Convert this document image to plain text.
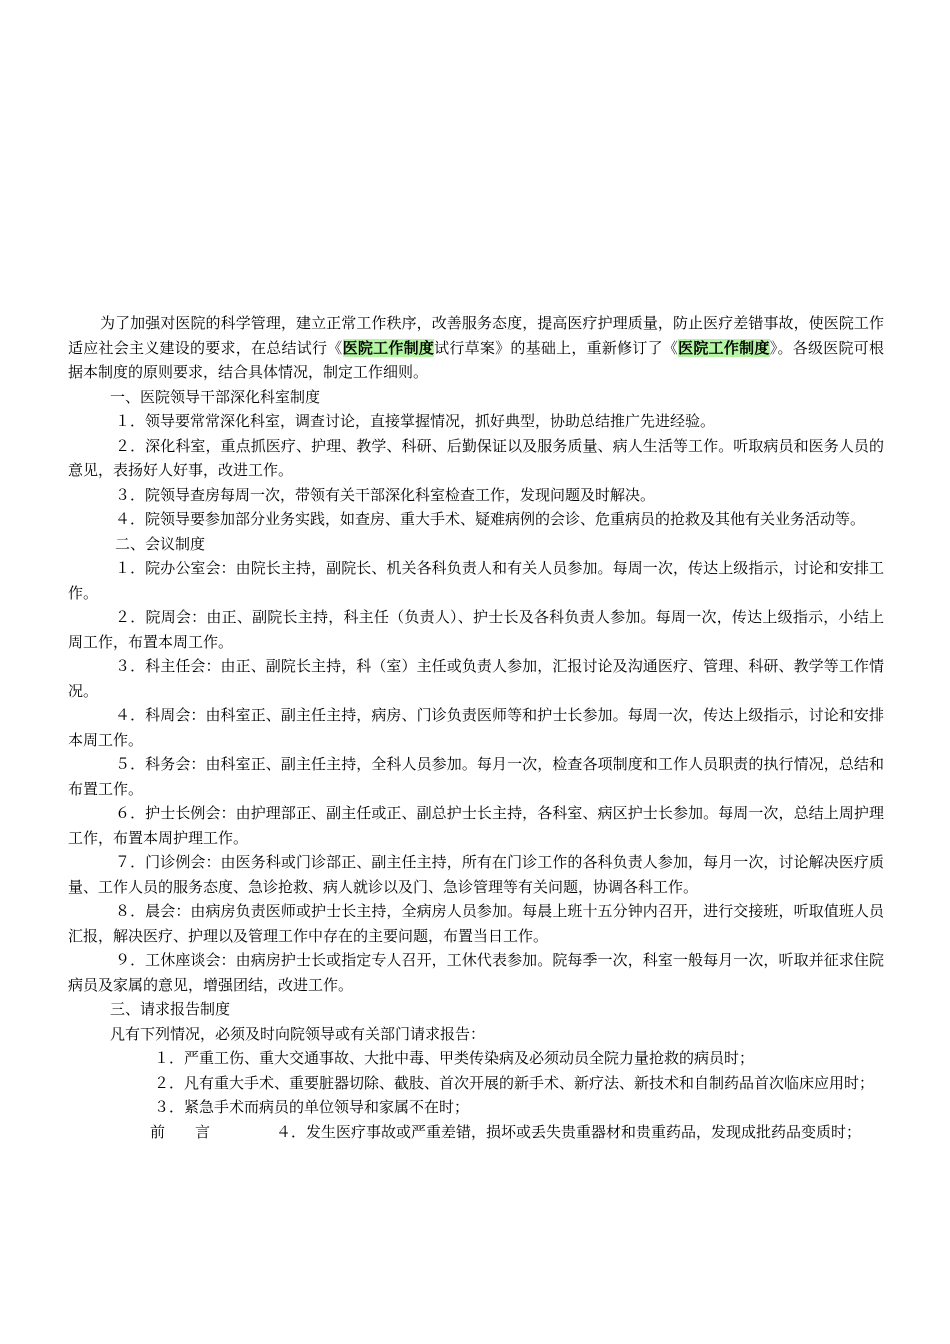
为了加强对医院的科学管理，建立正常工作秩序，改善服务态度，提高医疗护理质量，防止医疗差错事故，使医院工作适应社会主义建设的要求，在总结试行《医院工作制度试行草案》的基础上，重新修订了《医院工作制度》。各级医院可根据本制度的原则要求，结合具体情况，制定工作细则。

一、医院领导干部深化科室制度

１．领导要常常深化科室，调查讨论，直接掌握情况，抓好典型，协助总结推广先进经验。

２．深化科室，重点抓医疗、护理、教学、科研、后勤保证以及服务质量、病人生活等工作。听取病员和医务人员的意见，表扬好人好事，改进工作。

３．院领导查房每周一次，带领有关干部深化科室检查工作，发现问题及时解决。

４．院领导要参加部分业务实践，如查房、重大手术、疑难病例的会诊、危重病员的抢救及其他有关业务活动等。

二、会议制度

１．院办公室会：由院长主持，副院长、机关各科负责人和有关人员参加。每周一次，传达上级指示，讨论和安排工作。

２．院周会：由正、副院长主持，科主任（负责人）、护士长及各科负责人参加。每周一次，传达上级指示，小结上周工作，布置本周工作。

３．科主任会：由正、副院长主持，科（室）主任或负责人参加，汇报讨论及沟通医疗、管理、科研、教学等工作情况。

４．科周会：由科室正、副主任主持，病房、门诊负责医师等和护士长参加。每周一次，传达上级指示，讨论和安排本周工作。

５．科务会：由科室正、副主任主持，全科人员参加。每月一次，检查各项制度和工作人员职责的执行情况，总结和布置工作。

６．护士长例会：由护理部正、副主任或正、副总护士长主持，各科室、病区护士长参加。每周一次，总结上周护理工作，布置本周护理工作。

７．门诊例会：由医务科或门诊部正、副主任主持，所有在门诊工作的各科负责人参加，每月一次，讨论解决医疗质量、工作人员的服务态度、急诊抢救、病人就诊以及门、急诊管理等有关问题，协调各科工作。

８．晨会：由病房负责医师或护士长主持，全病房人员参加。每晨上班十五分钟内召开，进行交接班，听取值班人员汇报，解决医疗、护理以及管理工作中存在的主要问题，布置当日工作。

９．工休座谈会：由病房护士长或指定专人召开，工休代表参加。院每季一次，科室一般每月一次，听取并征求住院病员及家属的意见，增强团结，改进工作。

三、请求报告制度

凡有下列情况，必须及时向院领导或有关部门请求报告：

１．严重工伤、重大交通事故、大批中毒、甲类传染病及必须动员全院力量抢救的病员时；

２．凡有重大手术、重要脏器切除、截肢、首次开展的新手术、新疗法、新技术和自制药品首次临床应用时；

３．紧急手术而病员的单位领导和家属不在时；

前　　言	４．发生医疗事故或严重差错，损坏或丢失贵重器材和贵重药品，发现成批药品变质时；
